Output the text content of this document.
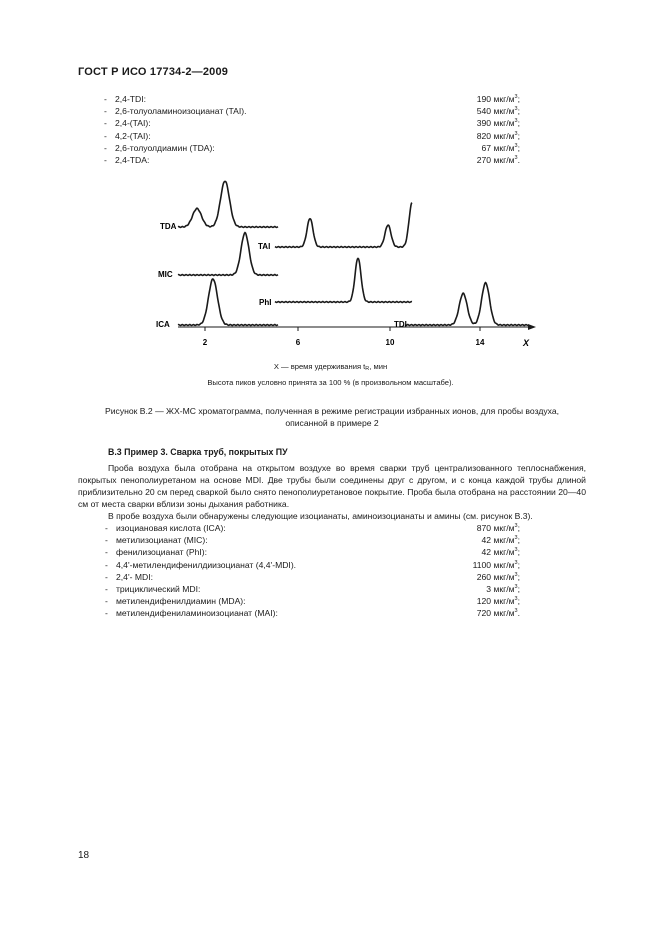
ГОСТ Р ИСО 17734-2—2009
- 2,4-TDI:	190 мкг/$м^3$;
- 2,6-толуоламиноизоцианат (TAI).	540 мкг/$м^3$;
- 2,4-(TAI):	390 мкг/$м^3$;
- 4,2-(TAI):	820 мкг/$м^3$;
- 2,6-толуолдиамин (TDA):	67 мкг/$м^3$;
- 2,4-TDA:	270 мкг/$м^3$.
2	6	10	14	X
TDA
MIC
ICA
TAI
PhI
TDI
X — время удерживания $t_R$, мин
Высота пиков условно принята за 100 % (в произвольном масштабе).
Рисунок В.2 — ЖХ-МС хроматограмма, полученная в режиме регистрации избранных ионов, для пробы воздуха,
описанной в примере 2
В.3 Пример 3. Сварка труб, покрытых ПУ
Проба воздуха была отобрана на открытом воздухе во время сварки труб централизованного теплоснабжения, покрытых пенополиуретаном на основе MDI. Две трубы были соединены друг с другом, и с конца каждой трубы длиной приблизительно 20 см перед сваркой было снято пенополиуретановое покрытие. Проба была отобрана на расстоянии 20—40 см от места сварки вблизи зоны дыхания работника.
В пробе воздуха были обнаружены следующие изоцианаты, аминоизоцианаты и амины (см. рисунок В.3).
- изоциановая кислота (ICA):	870 мкг/$м^3$;
- метилизоцианат (MIC):	42 мкг/$м^3$;
- фенилизоцианат (PhI):	42 мкг/$м^3$;
- 4,4'-метилендифенилдиизоцианат (4,4'-MDI).	1100 мкг/$м^3$;
- 2,4'- MDI:	260 мкг/$м^3$;
- трициклический MDI:	3 мкг/$м^3$;
- метилендифенилдиамин (MDA):	120 мкг/$м^3$;
- метилендифениламиноизоцианат (MAI):	720 мкг/$м^3$.
18
